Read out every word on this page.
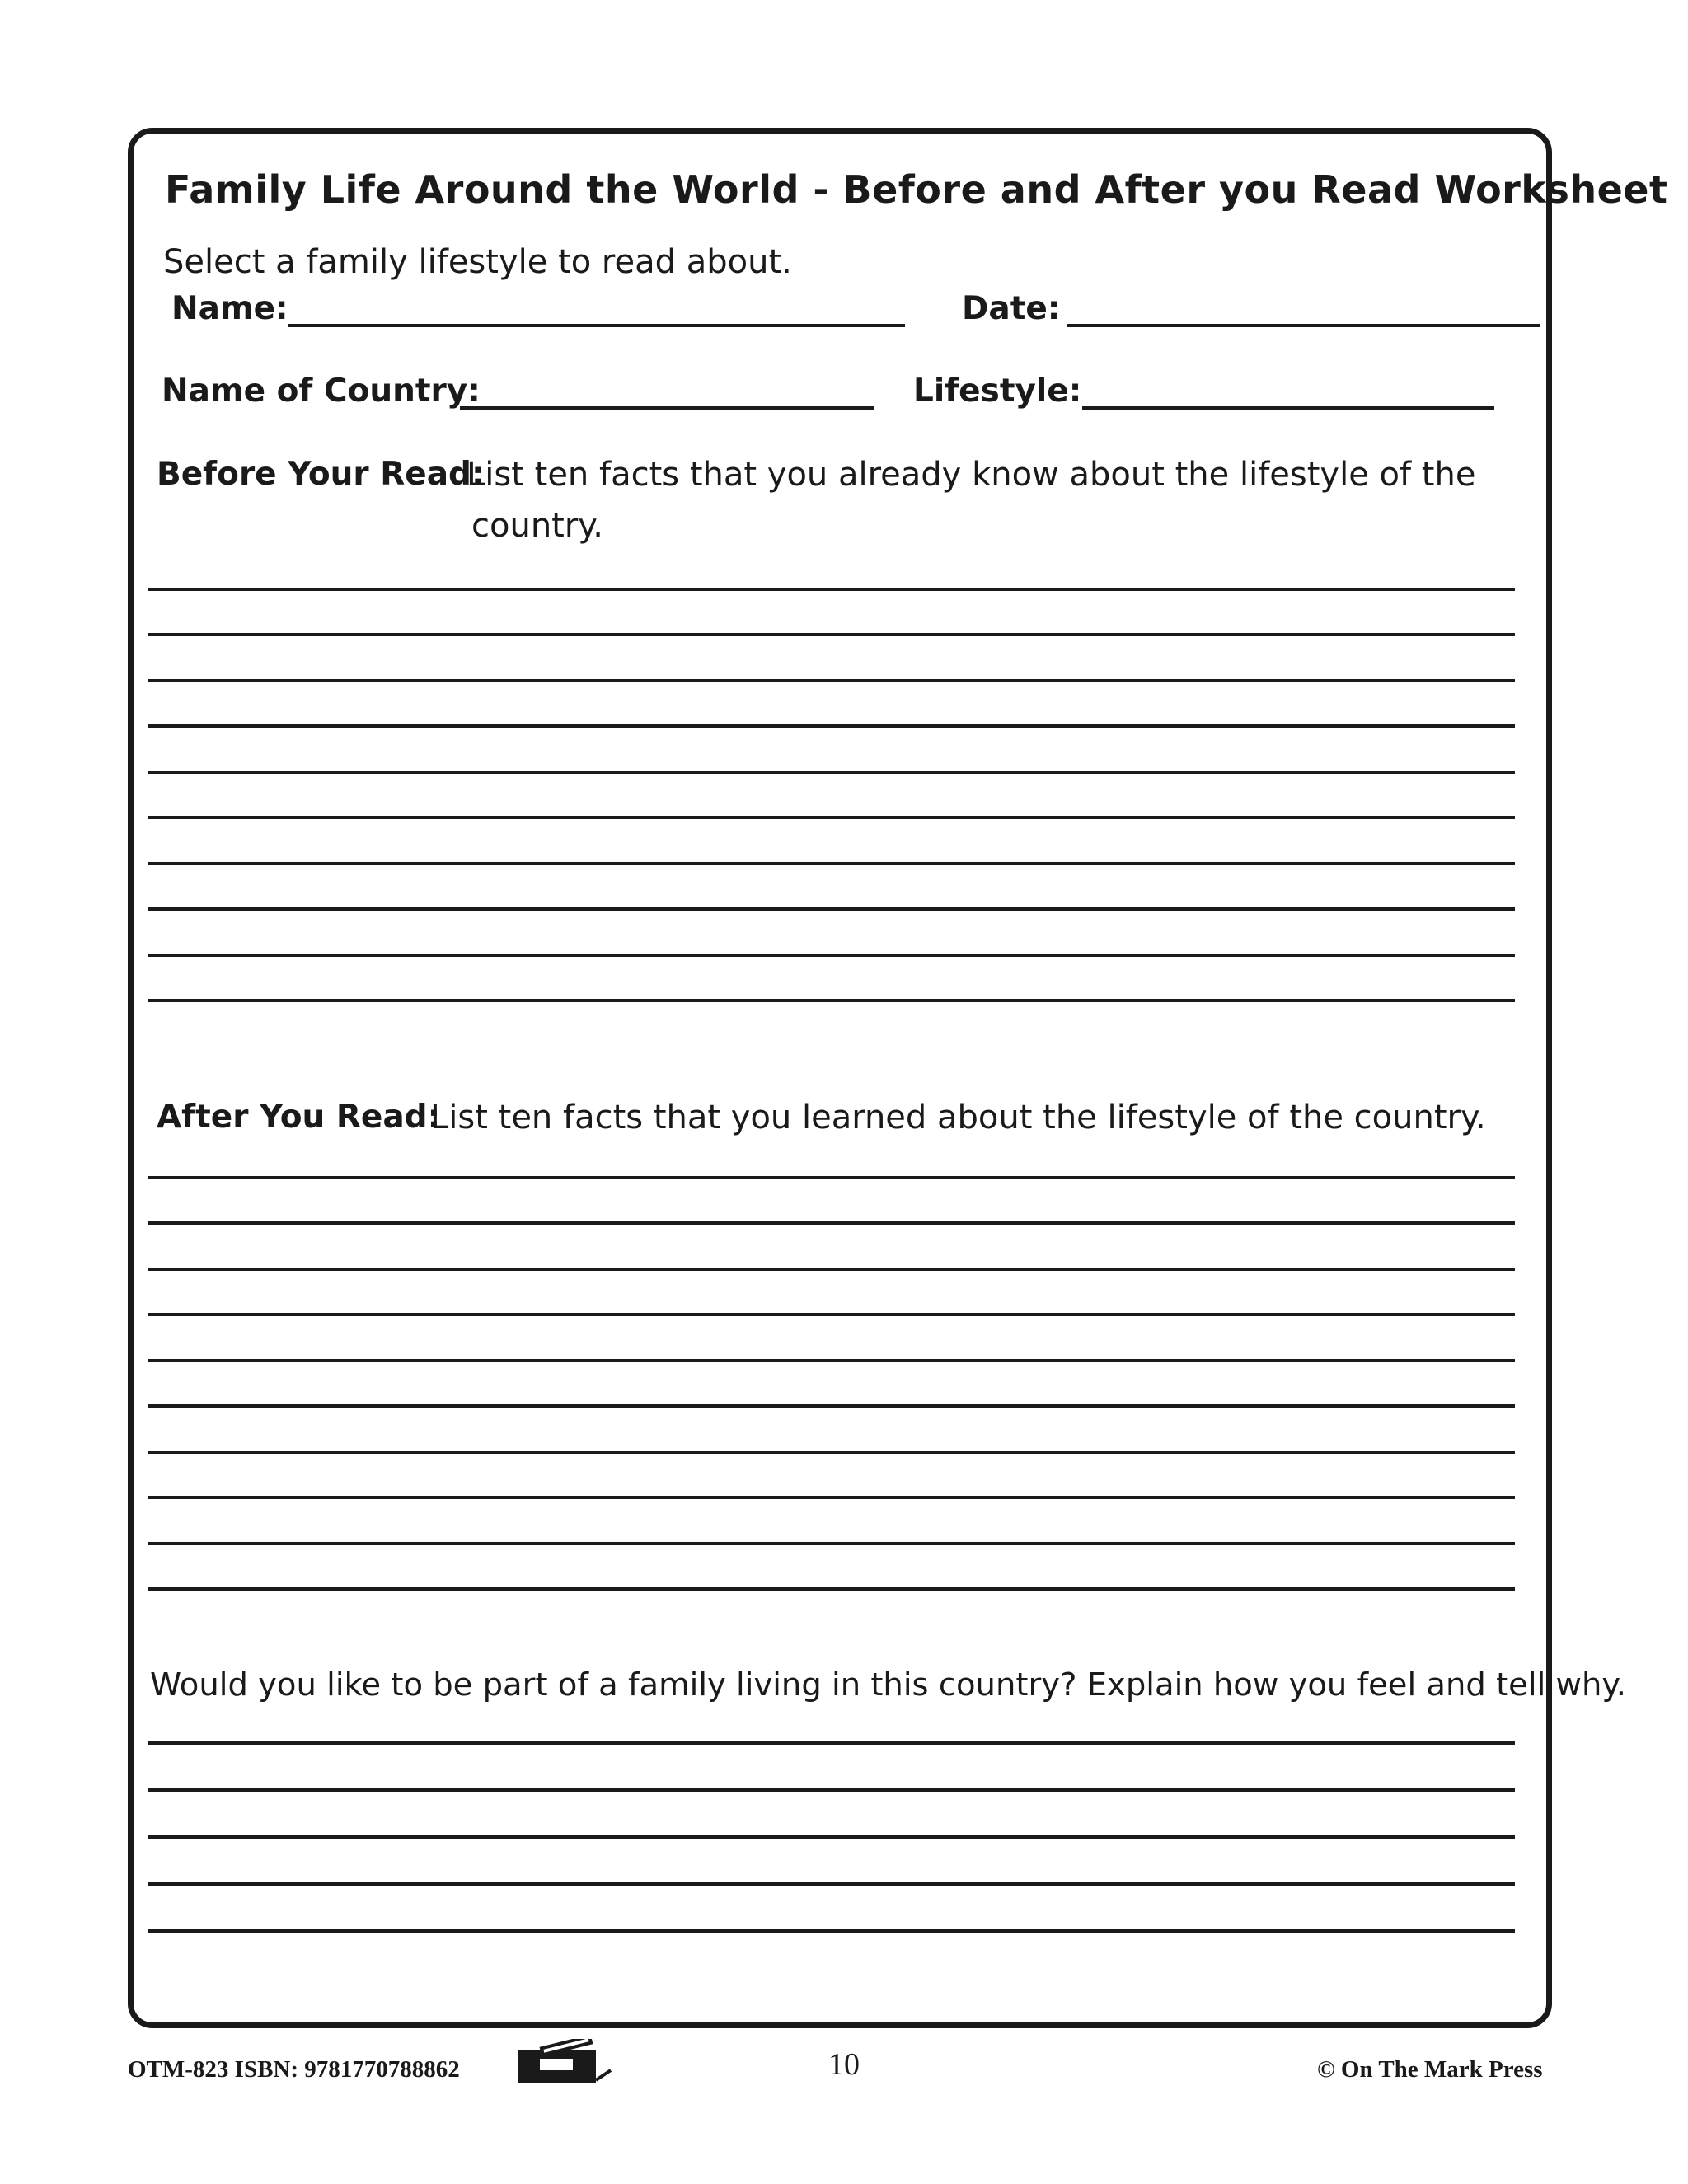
Family Life Around the World - Before and After you Read Worksheet
Select a family lifestyle to read about.
Name:	Date:
Name of Country:	Lifestyle:
Before Your Read:
List ten facts that you already know about the lifestyle of the
country.
After You Read:
List ten facts that you learned about the lifestyle of the country.
Would you like to be part of a family living in this country? Explain how you feel and tell why.
OTM-823 ISBN: 9781770788862	10	© On The Mark Press
